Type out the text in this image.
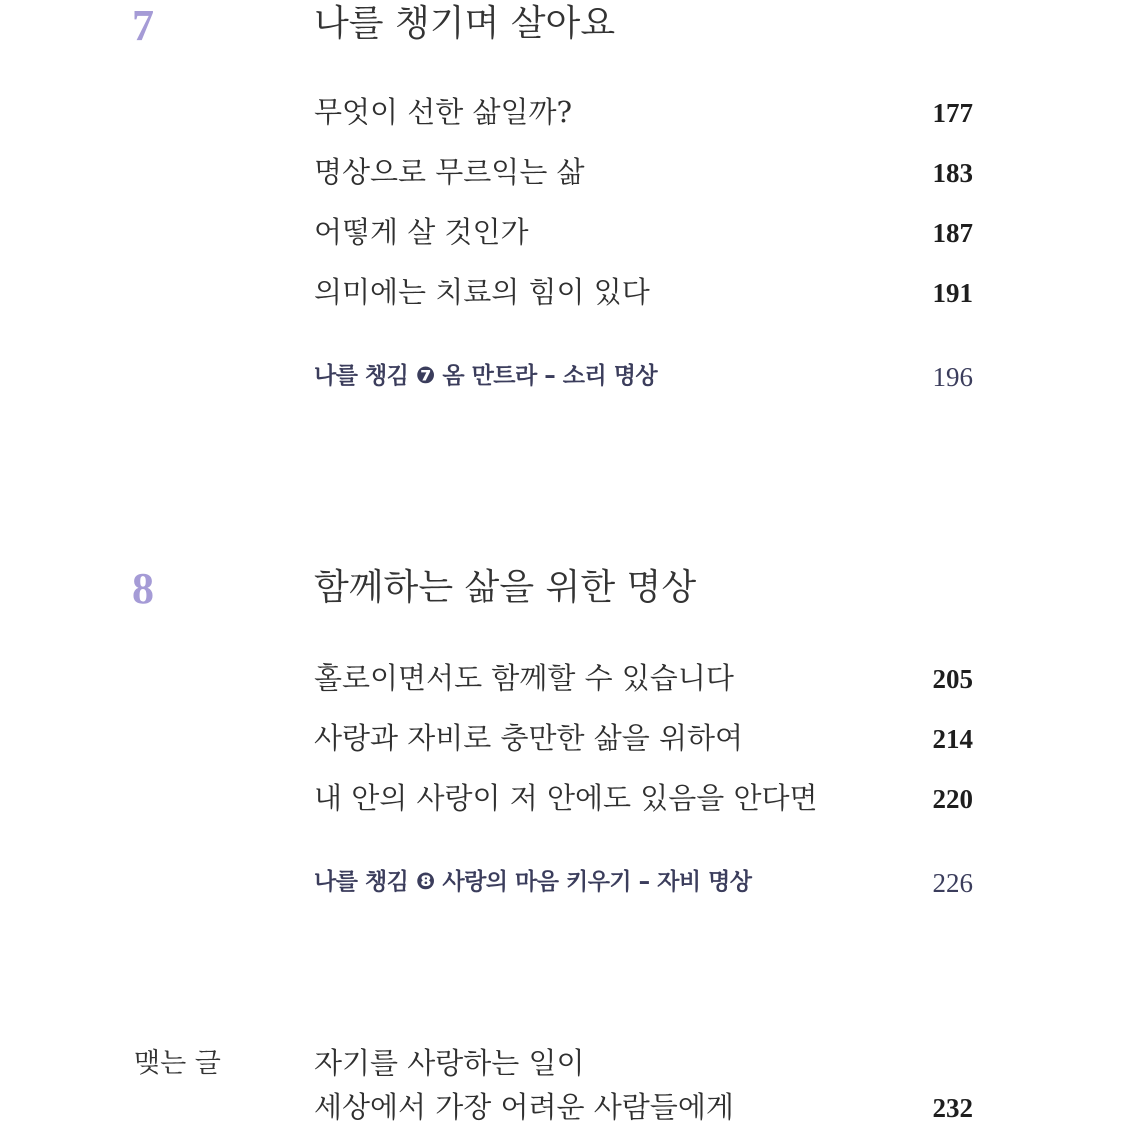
7	나를 챙기며 살아요
무엇이 선한 삶일까?	177
명상으로 무르익는 삶	183
어떻게 살 것인가	187
의미에는 치료의 힘이 있다	191
나를 챙김 ❼ 옴 만트라 – 소리 명상	196
8	함께하는 삶을 위한 명상
홀로이면서도 함께할 수 있습니다	205
사랑과 자비로 충만한 삶을 위하여	214
내 안의 사랑이 저 안에도 있음을 안다면	220
나를 챙김 ❽ 사랑의 마음 키우기 – 자비 명상	226
맺는 글	자기를 사랑하는 일이
세상에서 가장 어려운 사람들에게	232
